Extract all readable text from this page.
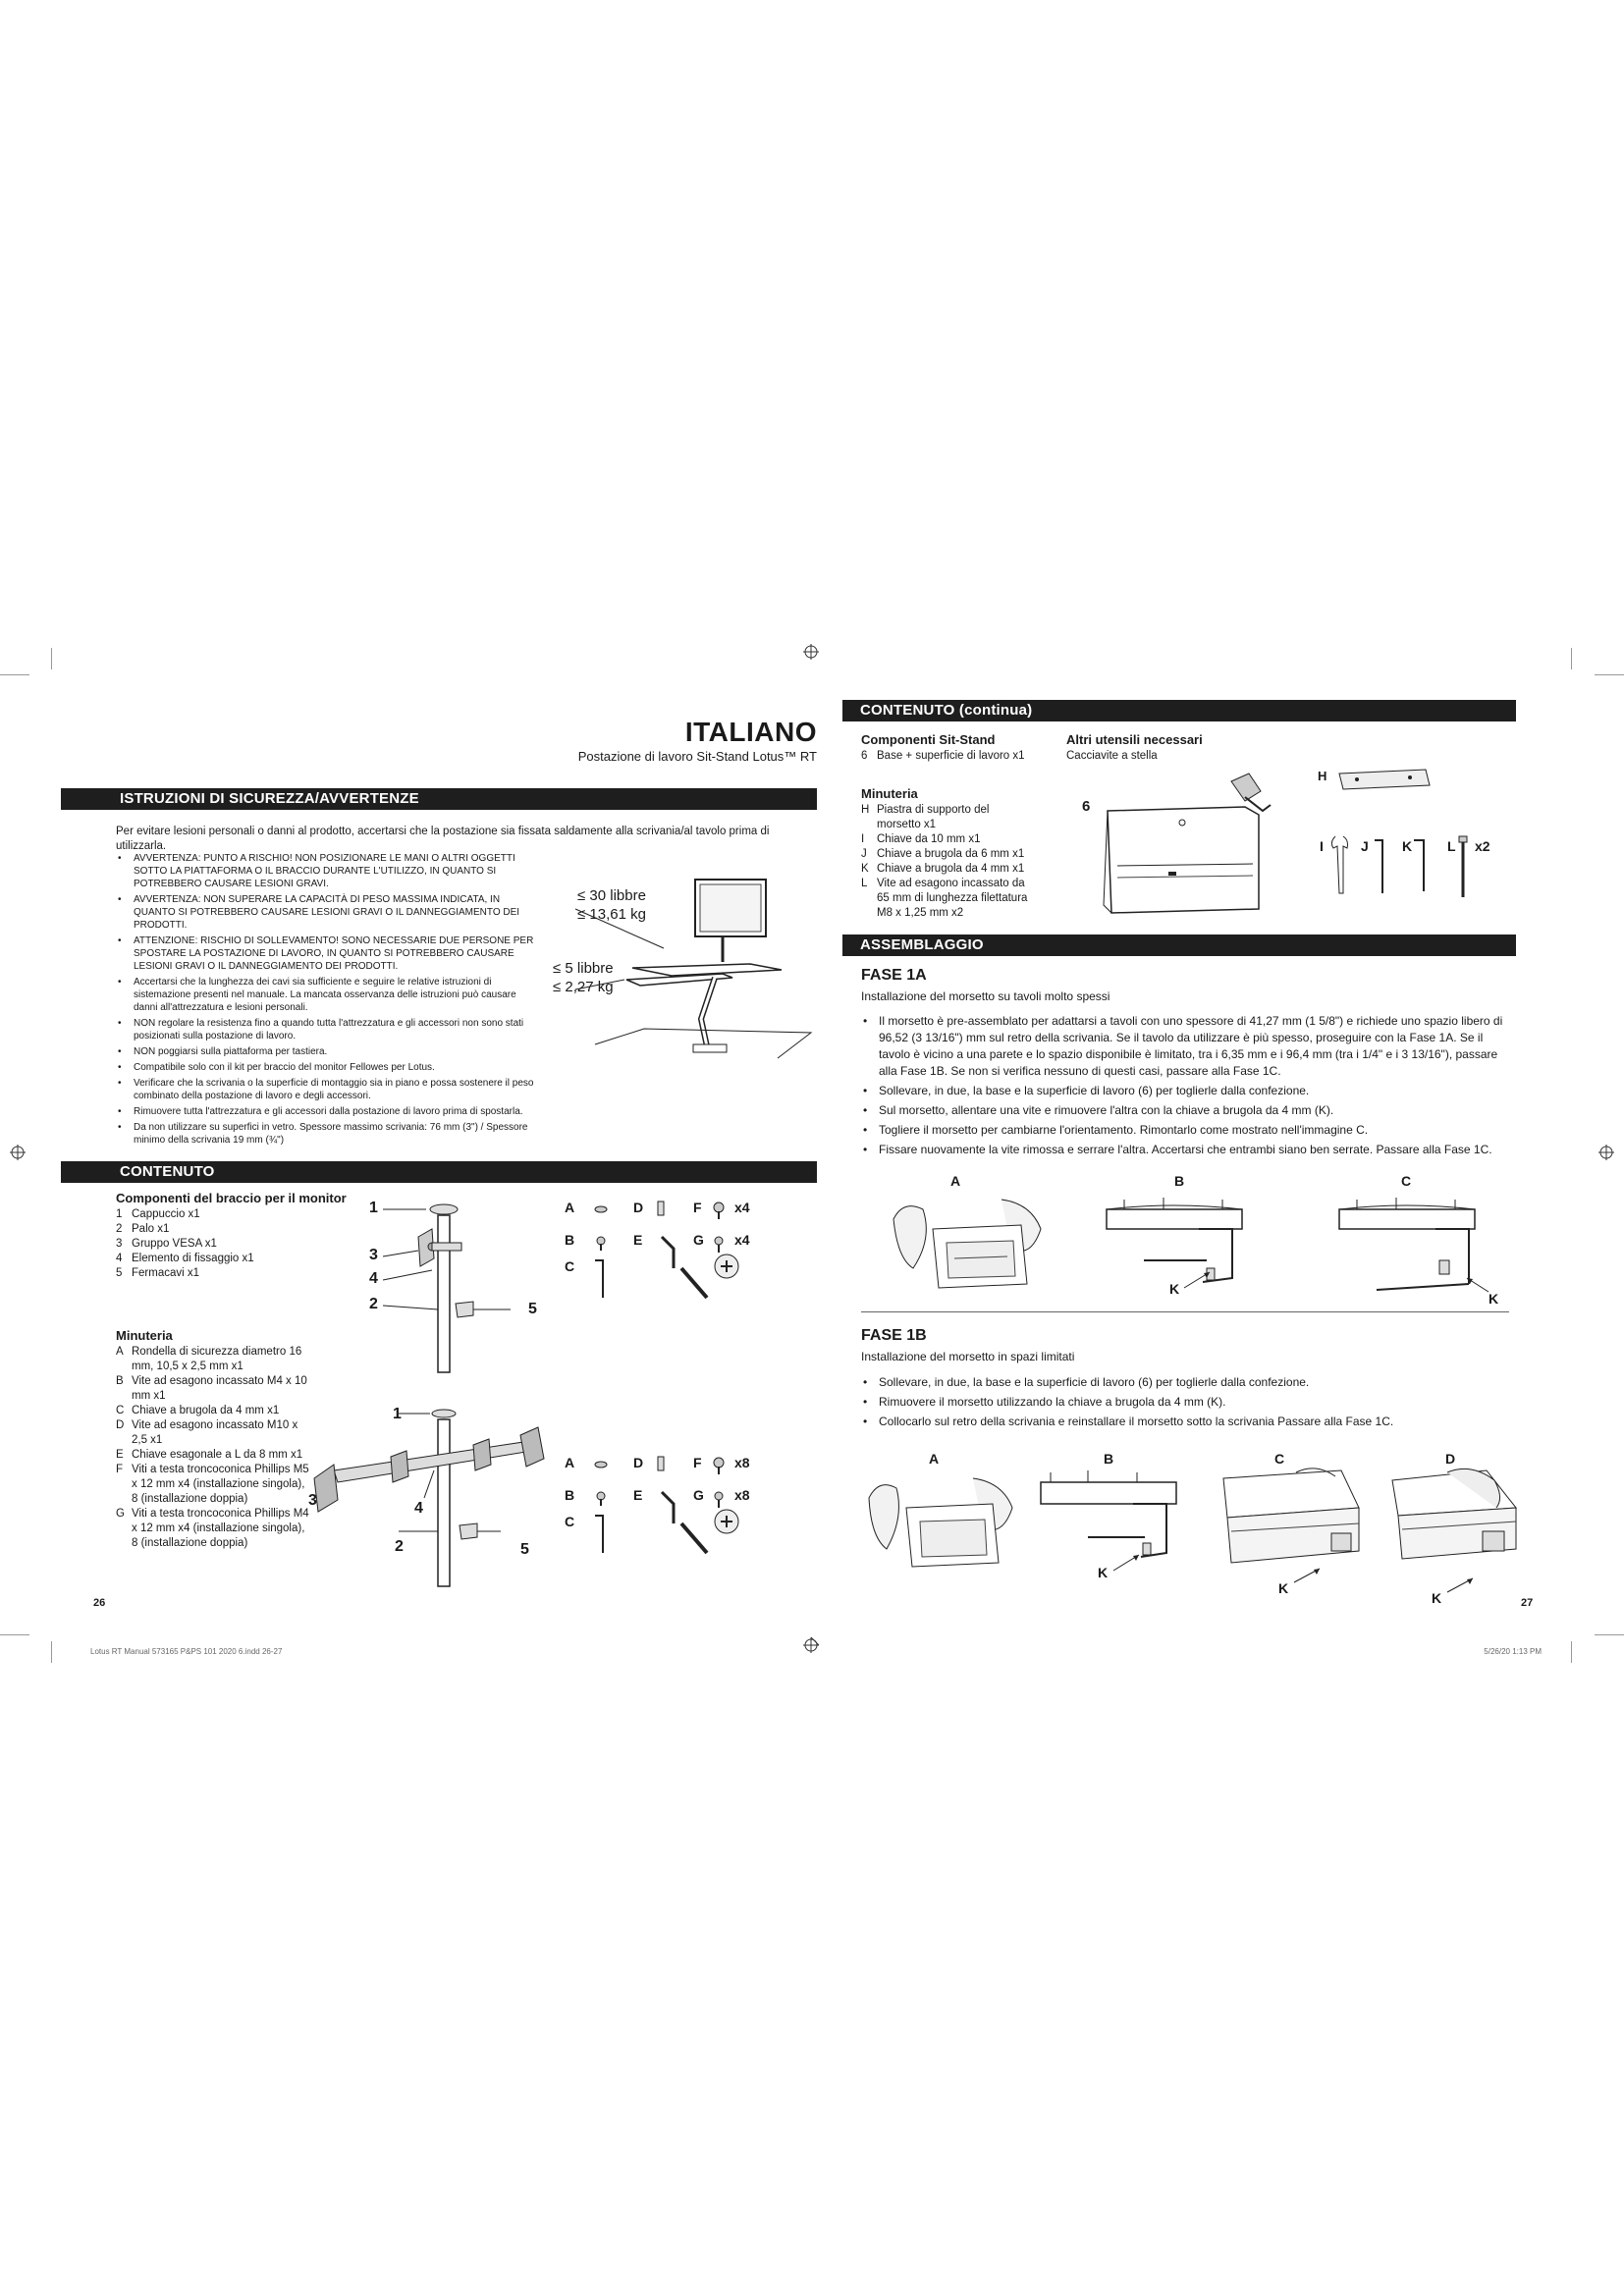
ITALIANO
Postazione di lavoro Sit-Stand Lotus™ RT
ISTRUZIONI DI SICUREZZA/AVVERTENZE
Per evitare lesioni personali o danni al prodotto, accertarsi che la postazione sia fissata saldamente alla scrivania/al tavolo prima di utilizzarla.
• AVVERTENZA: PUNTO A RISCHIO! NON POSIZIONARE LE MANI O ALTRI OGGETTI SOTTO LA PIATTAFORMA O IL BRACCIO DURANTE L'UTILIZZO, IN QUANTO SI POTREBBERO CAUSARE LESIONI GRAVI.
• AVVERTENZA: NON SUPERARE LA CAPACITÀ DI PESO MASSIMA INDICATA, IN QUANTO SI POTREBBERO CAUSARE LESIONI GRAVI O IL DANNEGGIAMENTO DEI PRODOTTI.
• ATTENZIONE: RISCHIO DI SOLLEVAMENTO! SONO NECESSARIE DUE PERSONE PER SPOSTARE LA POSTAZIONE DI LAVORO, IN QUANTO SI POTREBBERO CAUSARE LESIONI GRAVI O IL DANNEGGIAMENTO DEI PRODOTTI.
• Accertarsi che la lunghezza dei cavi sia sufficiente e seguire le relative istruzioni di sistemazione presenti nel manuale. La mancata osservanza delle istruzioni può causare danni all'attrezzatura e lesioni personali.
• NON regolare la resistenza fino a quando tutta l'attrezzatura e gli accessori non sono stati posizionati sulla postazione di lavoro.
• NON poggiarsi sulla piattaforma per tastiera.
• Compatibile solo con il kit per braccio del monitor Fellowes per Lotus.
• Verificare che la scrivania o la superficie di montaggio sia in piano e possa sostenere il peso combinato della postazione di lavoro e degli accessori.
• Rimuovere tutta l'attrezzatura e gli accessori dalla postazione di lavoro prima di spostarla.
• Da non utilizzare su superfici in vetro. Spessore massimo scrivania: 76 mm (3") / Spessore minimo della scrivania 19 mm (¾")
≤ 30 libbre
≤ 13,61 kg
≤ 5 libbre
≤ 2,27 kg
CONTENUTO
Componenti del braccio per il monitor
1 Cappuccio x1
2 Palo x1
3 Gruppo VESA x1
4 Elemento di fissaggio x1
5 Fermacavi x1
Minuteria
A Rondella di sicurezza diametro 16 mm, 10,5 x 2,5 mm x1
B Vite ad esagono incassato M4 x 10 mm x1
C Chiave a brugola da 4 mm x1
D Vite ad esagono incassato M10 x 2,5 x1
E Chiave esagonale a L da 8 mm x1
F Viti a testa troncoconica Phillips M5 x 12 mm x4 (installazione singola), 8 (installazione doppia)
G Viti a testa troncoconica Phillips M4 x 12 mm x4 (installazione singola), 8 (installazione doppia)
1
3
4
2	5
A	D	F
B	E	G
C
x4
x4
1
3	4
2	5
A	D	F
B	E	G
C
x8
x8
26
CONTENUTO (continua)
Componenti Sit-Stand
6 Base + superficie di lavoro x1
Minuteria
H Piastra di supporto del morsetto x1
I	Chiave da 10 mm x1
J Chiave a brugola da 6 mm x1
K Chiave a brugola da 4 mm x1
L Vite ad esagono incassato da 65 mm di lunghezza filettatura M8 x 1,25 mm x2
Altri utensili necessari
Cacciavite a stella
6
H
I	J K	L x2
ASSEMBLAGGIO
FASE 1A
Installazione del morsetto su tavoli molto spessi
• Il morsetto è pre-assemblato per adattarsi a tavoli con uno spessore di 41,27 mm (1 5/8") e richiede uno spazio libero di 96,52 (3 13/16") mm sul retro della scrivania. Se il tavolo da utilizzare è più spesso, proseguire con la Fase 1A. Se il tavolo è vicino a una parete e lo spazio disponibile è limitato, tra i 6,35 mm e i 96,4 mm (tra i 1/4" e i 3 13/16"), passare alla Fase 1B. Se non si verifica nessuno di questi casi, passare alla Fase 1C.
• Sollevare, in due, la base e la superficie di lavoro (6) per toglierle dalla confezione.
• Sul morsetto, allentare una vite e rimuovere l'altra con la chiave a brugola da 4 mm (K).
• Togliere il morsetto per cambiarne l'orientamento. Rimontarlo come mostrato nell'immagine C.
• Fissare nuovamente la vite rimossa e serrare l'altra. Accertarsi che entrambi siano ben serrate. Passare alla Fase 1C.
A	B	C
K
K
FASE 1B
Installazione del morsetto in spazi limitati
• Sollevare, in due, la base e la superficie di lavoro (6) per toglierle dalla confezione.
• Rimuovere il morsetto utilizzando la chiave a brugola da 4 mm (K).
• Collocarlo sul retro della scrivania e reinstallare il morsetto sotto la scrivania Passare alla Fase 1C.
A	B	C	D
K
K
K	27
Lotus RT Manual 573165 P&PS 101 2020 6.indd 26-27	5/26/20 1:13 PM
